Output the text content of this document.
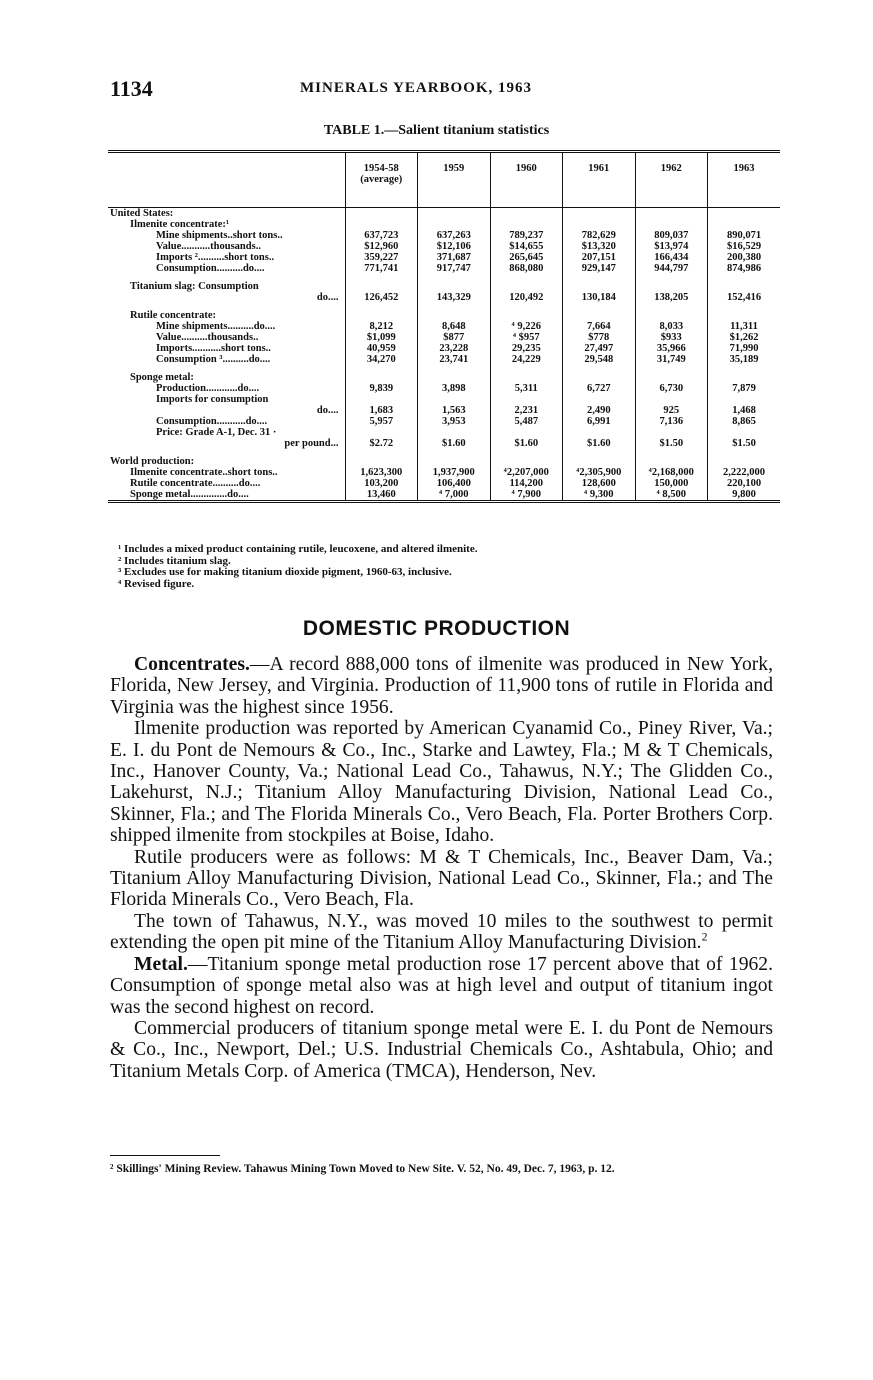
1134	MINERALS YEARBOOK, 1963
TABLE 1.—Salient titanium statistics
	1954-58 (average)	1959	1960	1961	1962	1963
United States:						
Ilmenite concentrate:¹						
Mine shipments..short tons..	637,723	637,263	789,237	782,629	809,037	890,071
Value...........thousands..	$12,960	$12,106	$14,655	$13,320	$13,974	$16,529
Imports ²..........short tons..	359,227	371,687	265,645	207,151	166,434	200,380
Consumption..........do....	771,741	917,747	868,080	929,147	944,797	874,986

Titanium slag: Consumption						
do....	126,452	143,329	120,492	130,184	138,205	152,416

Rutile concentrate:						
Mine shipments..........do....	8,212	8,648	⁴ 9,226	7,664	8,033	11,311
Value..........thousands..	$1,099	$877	⁴ $957	$778	$933	$1,262
Imports...........short tons..	40,959	23,228	29,235	27,497	35,966	71,990
Consumption ³..........do....	34,270	23,741	24,229	29,548	31,749	35,189

Sponge metal:						
Production............do....	9,839	3,898	5,311	6,727	6,730	7,879
Imports for consumption						
do....	1,683	1,563	2,231	2,490	925	1,468
Consumption...........do....	5,957	3,953	5,487	6,991	7,136	8,865
Price: Grade A-1, Dec. 31 ·						
per pound...	$2.72	$1.60	$1.60	$1.60	$1.50	$1.50

World production:						
Ilmenite concentrate..short tons..	1,623,300	1,937,900	⁴2,207,000	⁴2,305,900	⁴2,168,000	2,222,000
Rutile concentrate..........do....	103,200	106,400	114,200	128,600	150,000	220,100
Sponge metal..............do....	13,460	⁴ 7,000	⁴ 7,900	⁴ 9,300	⁴ 8,500	9,800
¹ Includes a mixed product containing rutile, leucoxene, and altered ilmenite.
² Includes titanium slag.
³ Excludes use for making titanium dioxide pigment, 1960-63, inclusive.
⁴ Revised figure.
DOMESTIC PRODUCTION

Concentrates.—A record 888,000 tons of ilmenite was produced in New York, Florida, New Jersey, and Virginia. Production of 11,900 tons of rutile in Florida and Virginia was the highest since 1956.

Ilmenite production was reported by American Cyanamid Co., Piney River, Va.; E. I. du Pont de Nemours & Co., Inc., Starke and Lawtey, Fla.; M & T Chemicals, Inc., Hanover County, Va.; National Lead Co., Tahawus, N.Y.; The Glidden Co., Lakehurst, N.J.; Titanium Alloy Manufacturing Division, National Lead Co., Skinner, Fla.; and The Florida Minerals Co., Vero Beach, Fla. Porter Brothers Corp. shipped ilmenite from stockpiles at Boise, Idaho.

Rutile producers were as follows: M & T Chemicals, Inc., Beaver Dam, Va.; Titanium Alloy Manufacturing Division, National Lead Co., Skinner, Fla.; and The Florida Minerals Co., Vero Beach, Fla.

The town of Tahawus, N.Y., was moved 10 miles to the southwest to permit extending the open pit mine of the Titanium Alloy Manufacturing Division.$^2$

Metal.—Titanium sponge metal production rose 17 percent above that of 1962. Consumption of sponge metal also was at high level and output of titanium ingot was the second highest on record.

Commercial producers of titanium sponge metal were E. I. du Pont de Nemours & Co., Inc., Newport, Del.; U.S. Industrial Chemicals Co., Ashtabula, Ohio; and Titanium Metals Corp. of America (TMCA), Henderson, Nev.

² Skillings' Mining Review. Tahawus Mining Town Moved to New Site. V. 52, No. 49, Dec. 7, 1963, p. 12.
